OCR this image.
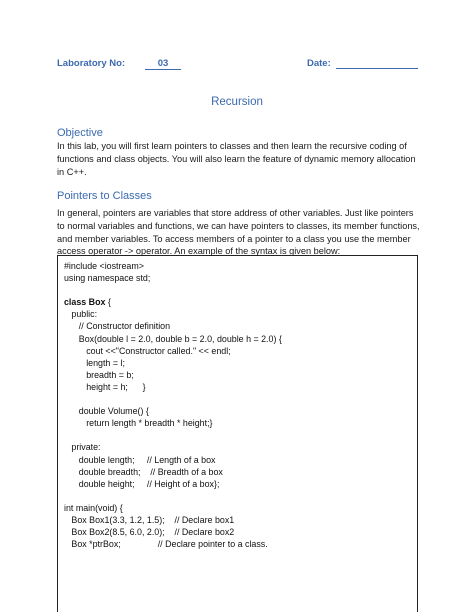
Laboratory No:	03	Date:
Recursion
Objective
In this lab, you will first learn pointers to classes and then learn the recursive coding of
functions and class objects. You will also learn the feature of dynamic memory allocation
in C++.
Pointers to Classes
In general, pointers are variables that store address of other variables. Just like pointers
to normal variables and functions, we can have pointers to classes, its member functions,
and member variables. To access members of a pointer to a class you use the member
access operator -> operator. An example of the syntax is given below:
#include <iostream>
using namespace std;
class Box {
public:
// Constructor definition
Box(double l = 2.0, double b = 2.0, double h = 2.0) {
cout <<"Constructor called." << endl;
length = l;
breadth = b;
height = h;      }
double Volume() {
return length * breadth * height;}
private:
double length;     // Length of a box
double breadth;    // Breadth of a box
double height;     // Height of a box};
int main(void) {
Box Box1(3.3, 1.2, 1.5);    // Declare box1
Box Box2(8.5, 6.0, 2.0);    // Declare box2
Box *ptrBox;               // Declare pointer to a class.
